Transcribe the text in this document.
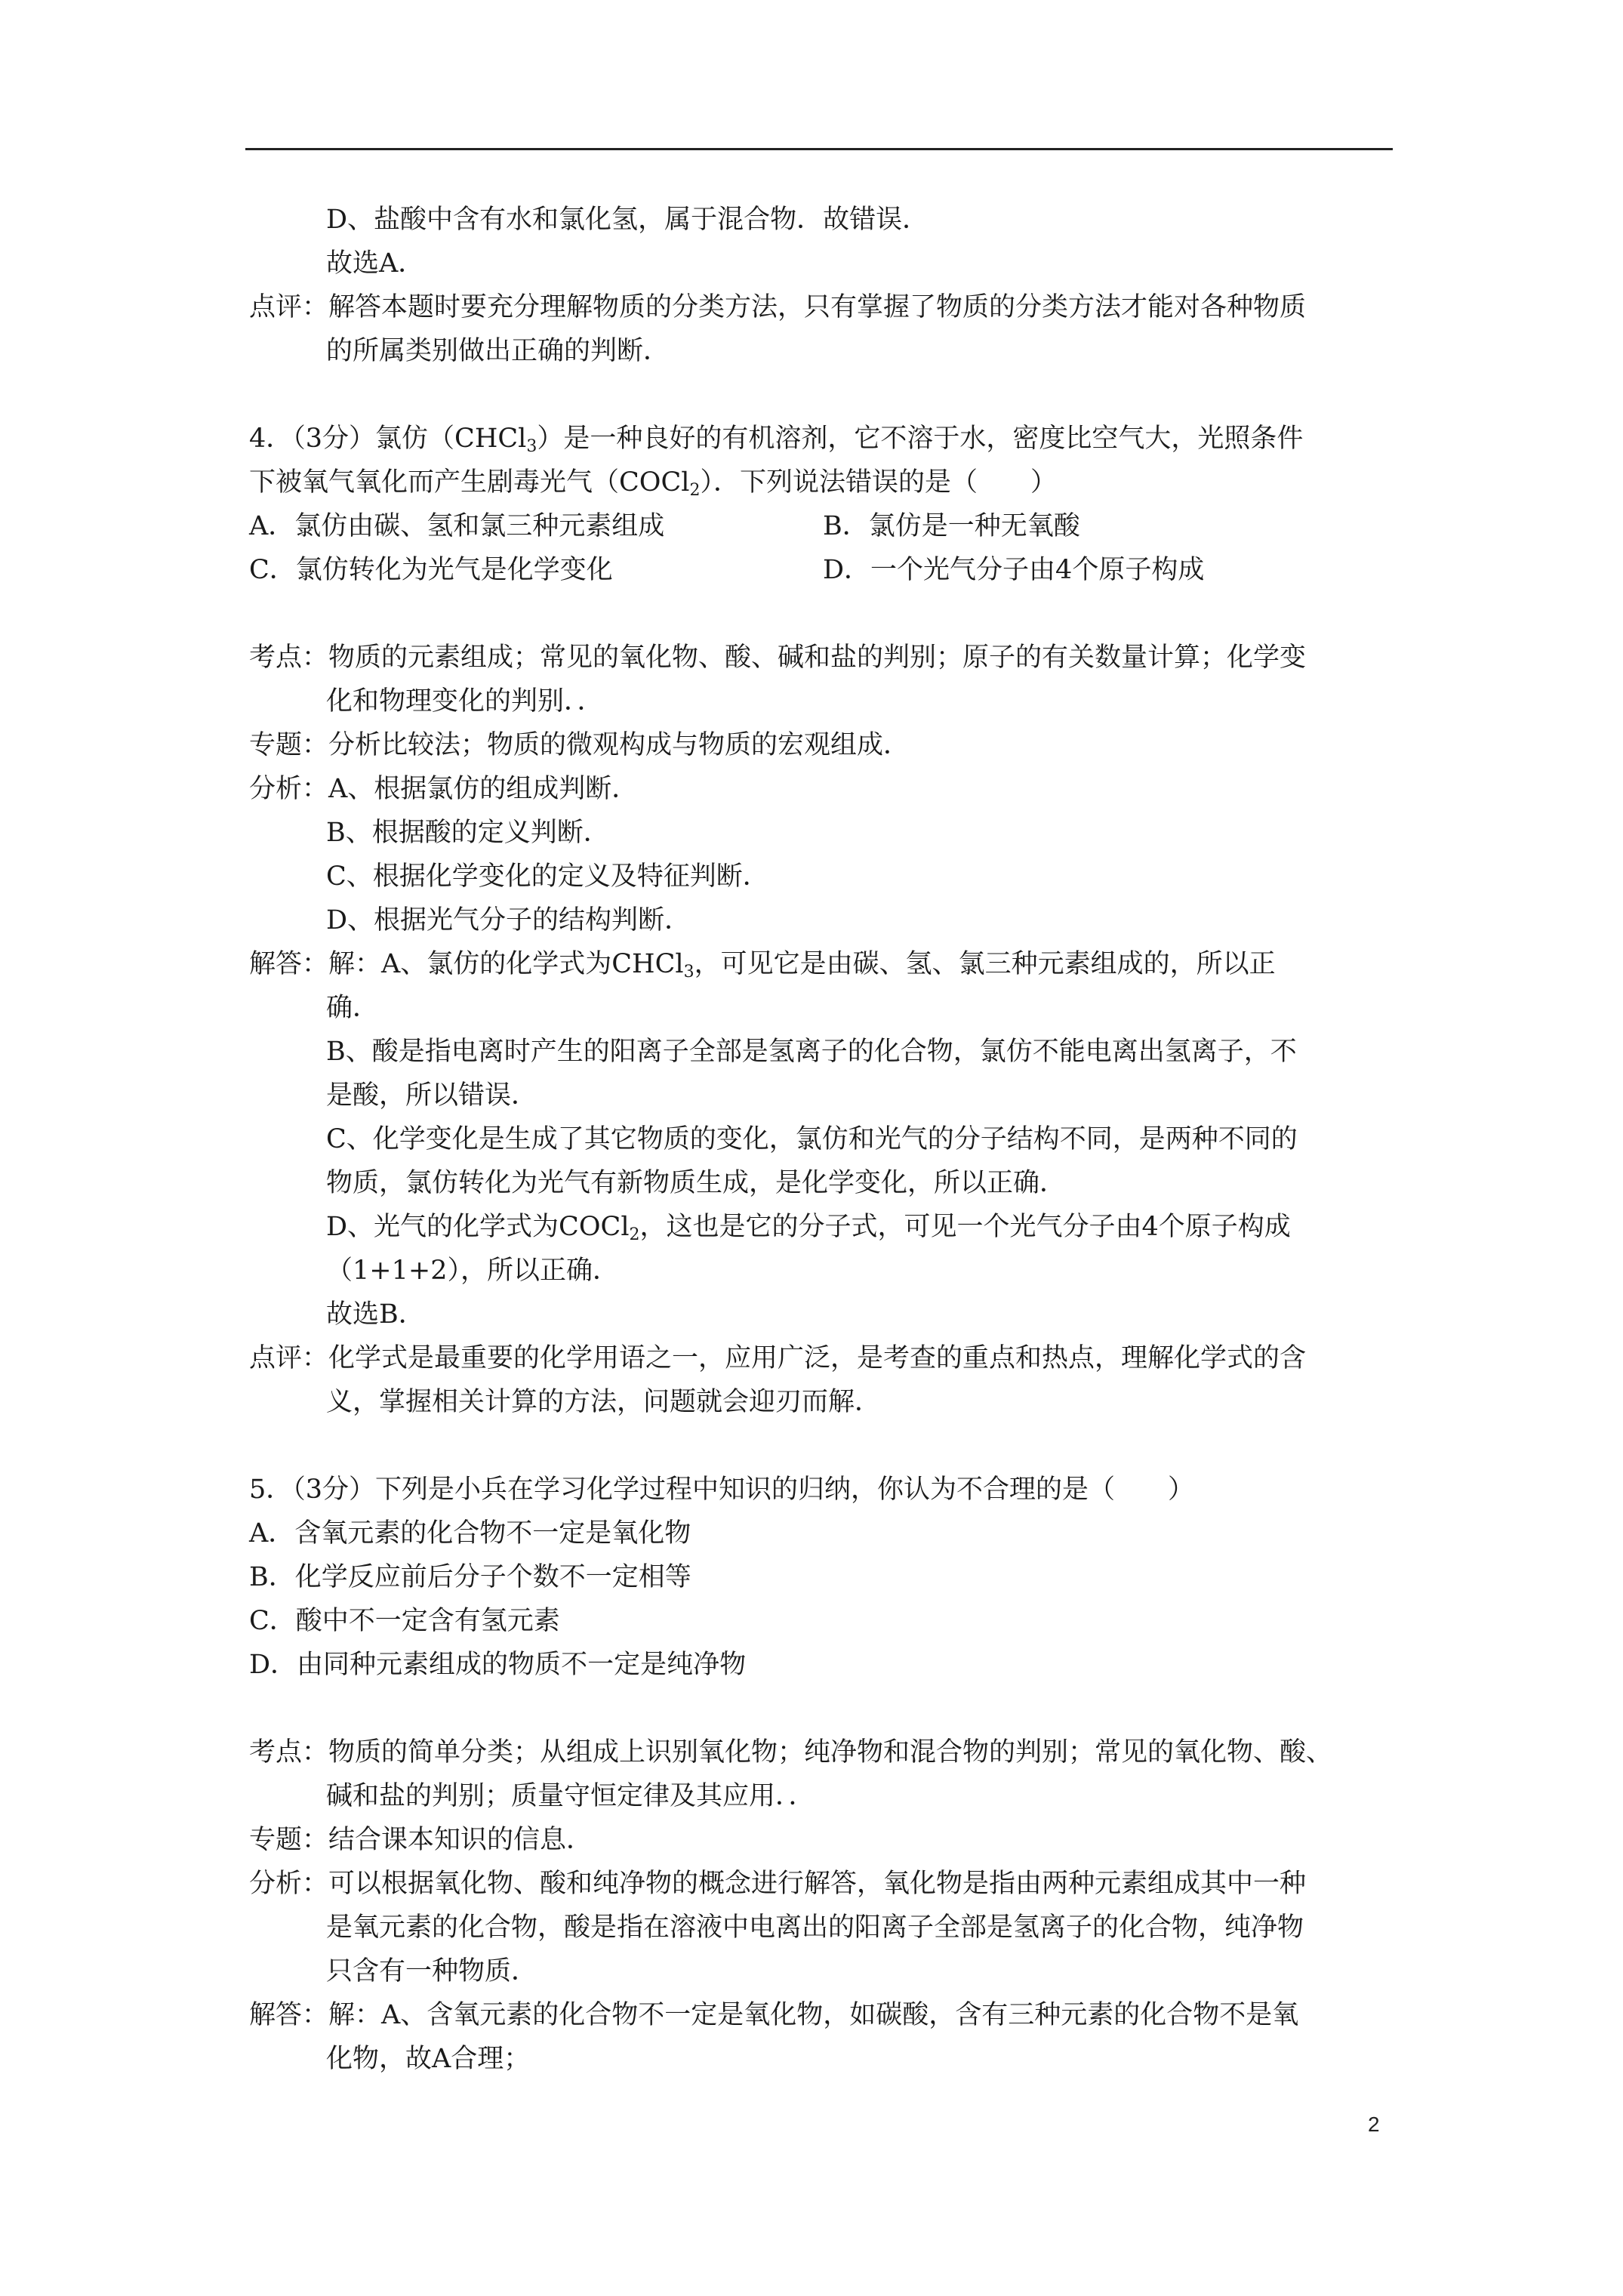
D、盐酸中含有水和氯化氢，属于混合物．故错误．
故选A．
点评：解答本题时要充分理解物质的分类方法，只有掌握了物质的分类方法才能对各种物质
的所属类别做出正确的判断．
4．（3分）氯仿（CHCl$_3$）是一种良好的有机溶剂，它不溶于水，密度比空气大，光照条件
下被氧气氧化而产生剧毒光气（COCl$_2$）．下列说法错误的是（　　）
A．氯仿由碳、氢和氯三种元素组成	B．氯仿是一种无氧酸
C．氯仿转化为光气是化学变化	D．一个光气分子由4个原子构成
考点：物质的元素组成；常见的氧化物、酸、碱和盐的判别；原子的有关数量计算；化学变
化和物理变化的判别．．
专题：分析比较法；物质的微观构成与物质的宏观组成．
分析：A、根据氯仿的组成判断．
B、根据酸的定义判断．
C、根据化学变化的定义及特征判断．
D、根据光气分子的结构判断．
解答：解：A、氯仿的化学式为CHCl$_3$，可见它是由碳、氢、氯三种元素组成的，所以正
确．
B、酸是指电离时产生的阳离子全部是氢离子的化合物，氯仿不能电离出氢离子，不
是酸，所以错误．
C、化学变化是生成了其它物质的变化，氯仿和光气的分子结构不同，是两种不同的
物质，氯仿转化为光气有新物质生成，是化学变化，所以正确．
D、光气的化学式为COCl$_2$，这也是它的分子式，可见一个光气分子由4个原子构成
（1+1+2），所以正确．
故选B．
点评：化学式是最重要的化学用语之一，应用广泛，是考查的重点和热点，理解化学式的含
义，掌握相关计算的方法，问题就会迎刃而解．
5．（3分）下列是小兵在学习化学过程中知识的归纳，你认为不合理的是（　　）
A．含氧元素的化合物不一定是氧化物
B．化学反应前后分子个数不一定相等
C．酸中不一定含有氢元素
D．由同种元素组成的物质不一定是纯净物
考点：物质的简单分类；从组成上识别氧化物；纯净物和混合物的判别；常见的氧化物、酸、
碱和盐的判别；质量守恒定律及其应用．．
专题：结合课本知识的信息．
分析：可以根据氧化物、酸和纯净物的概念进行解答，氧化物是指由两种元素组成其中一种
是氧元素的化合物，酸是指在溶液中电离出的阳离子全部是氢离子的化合物，纯净物
只含有一种物质．
解答：解：A、含氧元素的化合物不一定是氧化物，如碳酸，含有三种元素的化合物不是氧
化物，故A合理；
2
